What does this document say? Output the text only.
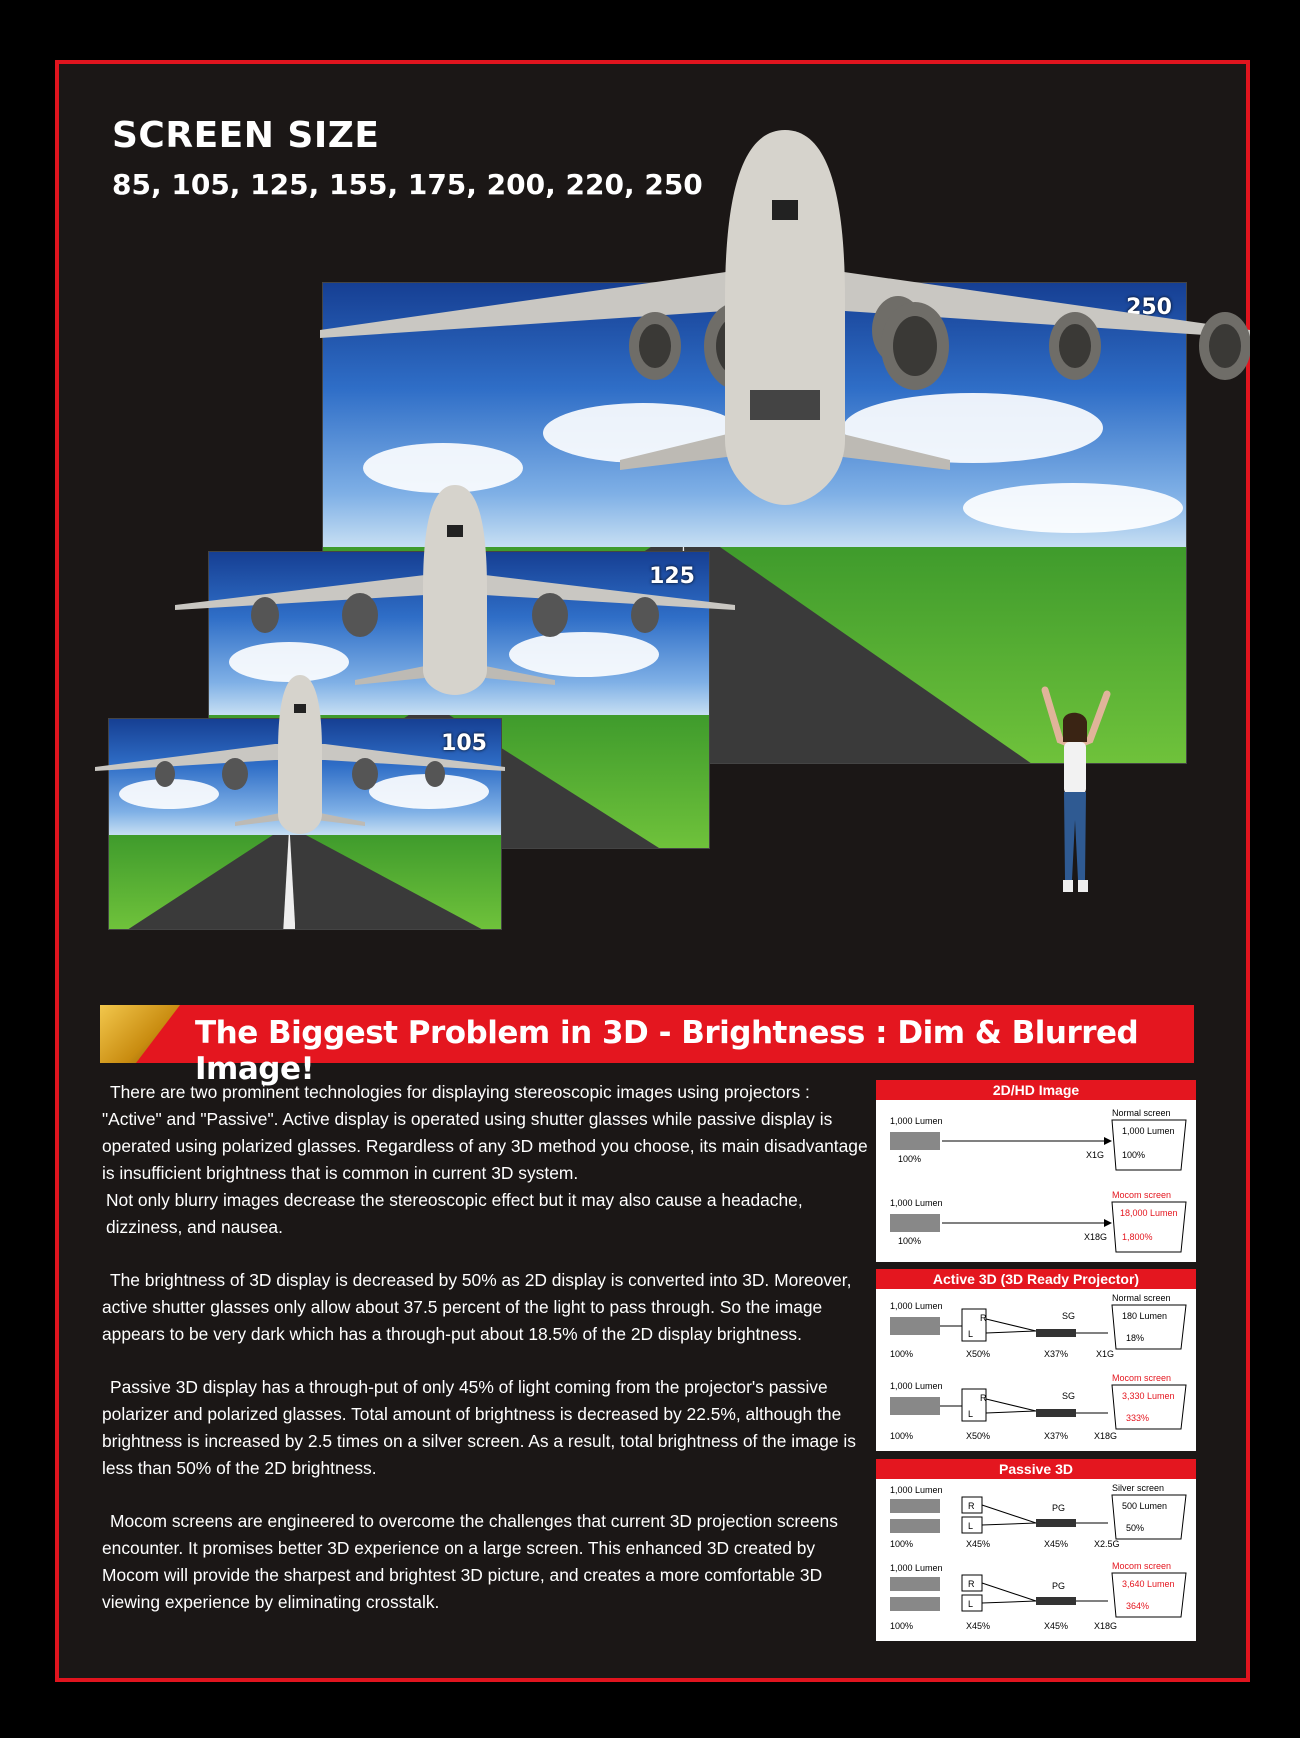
SCREEN SIZE
85, 105, 125, 155, 175, 200, 220, 250
250
125
105
The Biggest Problem in 3D - Brightness : Dim & Blurred Image!

There are two prominent technologies for displaying stereoscopic images using projectors :
"Active" and "Passive". Active display is operated using shutter glasses while passive display is operated using polarized glasses. Regardless of any 3D method you choose, its main disadvantage is insufficient brightness that is common in current 3D system.
Not only blurry images decrease the stereoscopic effect but it may also cause a headache, dizziness, and nausea.

The brightness of 3D display is decreased by 50% as 2D display is converted into 3D. Moreover, active shutter glasses only allow about 37.5 percent of the light to pass through. So the image appears to be very dark which has a through-put about 18.5% of the 2D display brightness.

Passive 3D display has a through-put of only 45% of light coming from the projector's passive polarizer and polarized glasses. Total amount of brightness is decreased by 22.5%, although the brightness is increased by 2.5 times on a silver screen. As a result, total brightness of the image is less than 50% of the 2D brightness.

Mocom screens are engineered to overcome the challenges that current 3D projection screens encounter. It promises better 3D experience on a large screen. This enhanced 3D created by Mocom will provide the sharpest and brightest 3D picture, and creates a more comfortable 3D viewing experience by eliminating crosstalk.

2D/HD Image
1,000 Lumen
100%	X1G
Normal screen
1,000 Lumen
100%
1,000 Lumen
100%	X18G
Mocom screen
18,000 Lumen
1,800%
Active 3D (3D Ready Projector)
1,000 Lumen
R
L
SG
100%	X50%	X37%	X1G
Normal screen
180 Lumen
18%
1,000 Lumen
R
L
SG
100%	X50%	X37%	X18G
Mocom screen
3,330 Lumen
333%
Passive 3D
1,000 Lumen
R
L
PG
100%	X45%	X45%	X2.5G
Silver screen
500 Lumen
50%
1,000 Lumen
R
L
PG
100%	X45%	X45%	X18G
Mocom screen
3,640 Lumen
364%
